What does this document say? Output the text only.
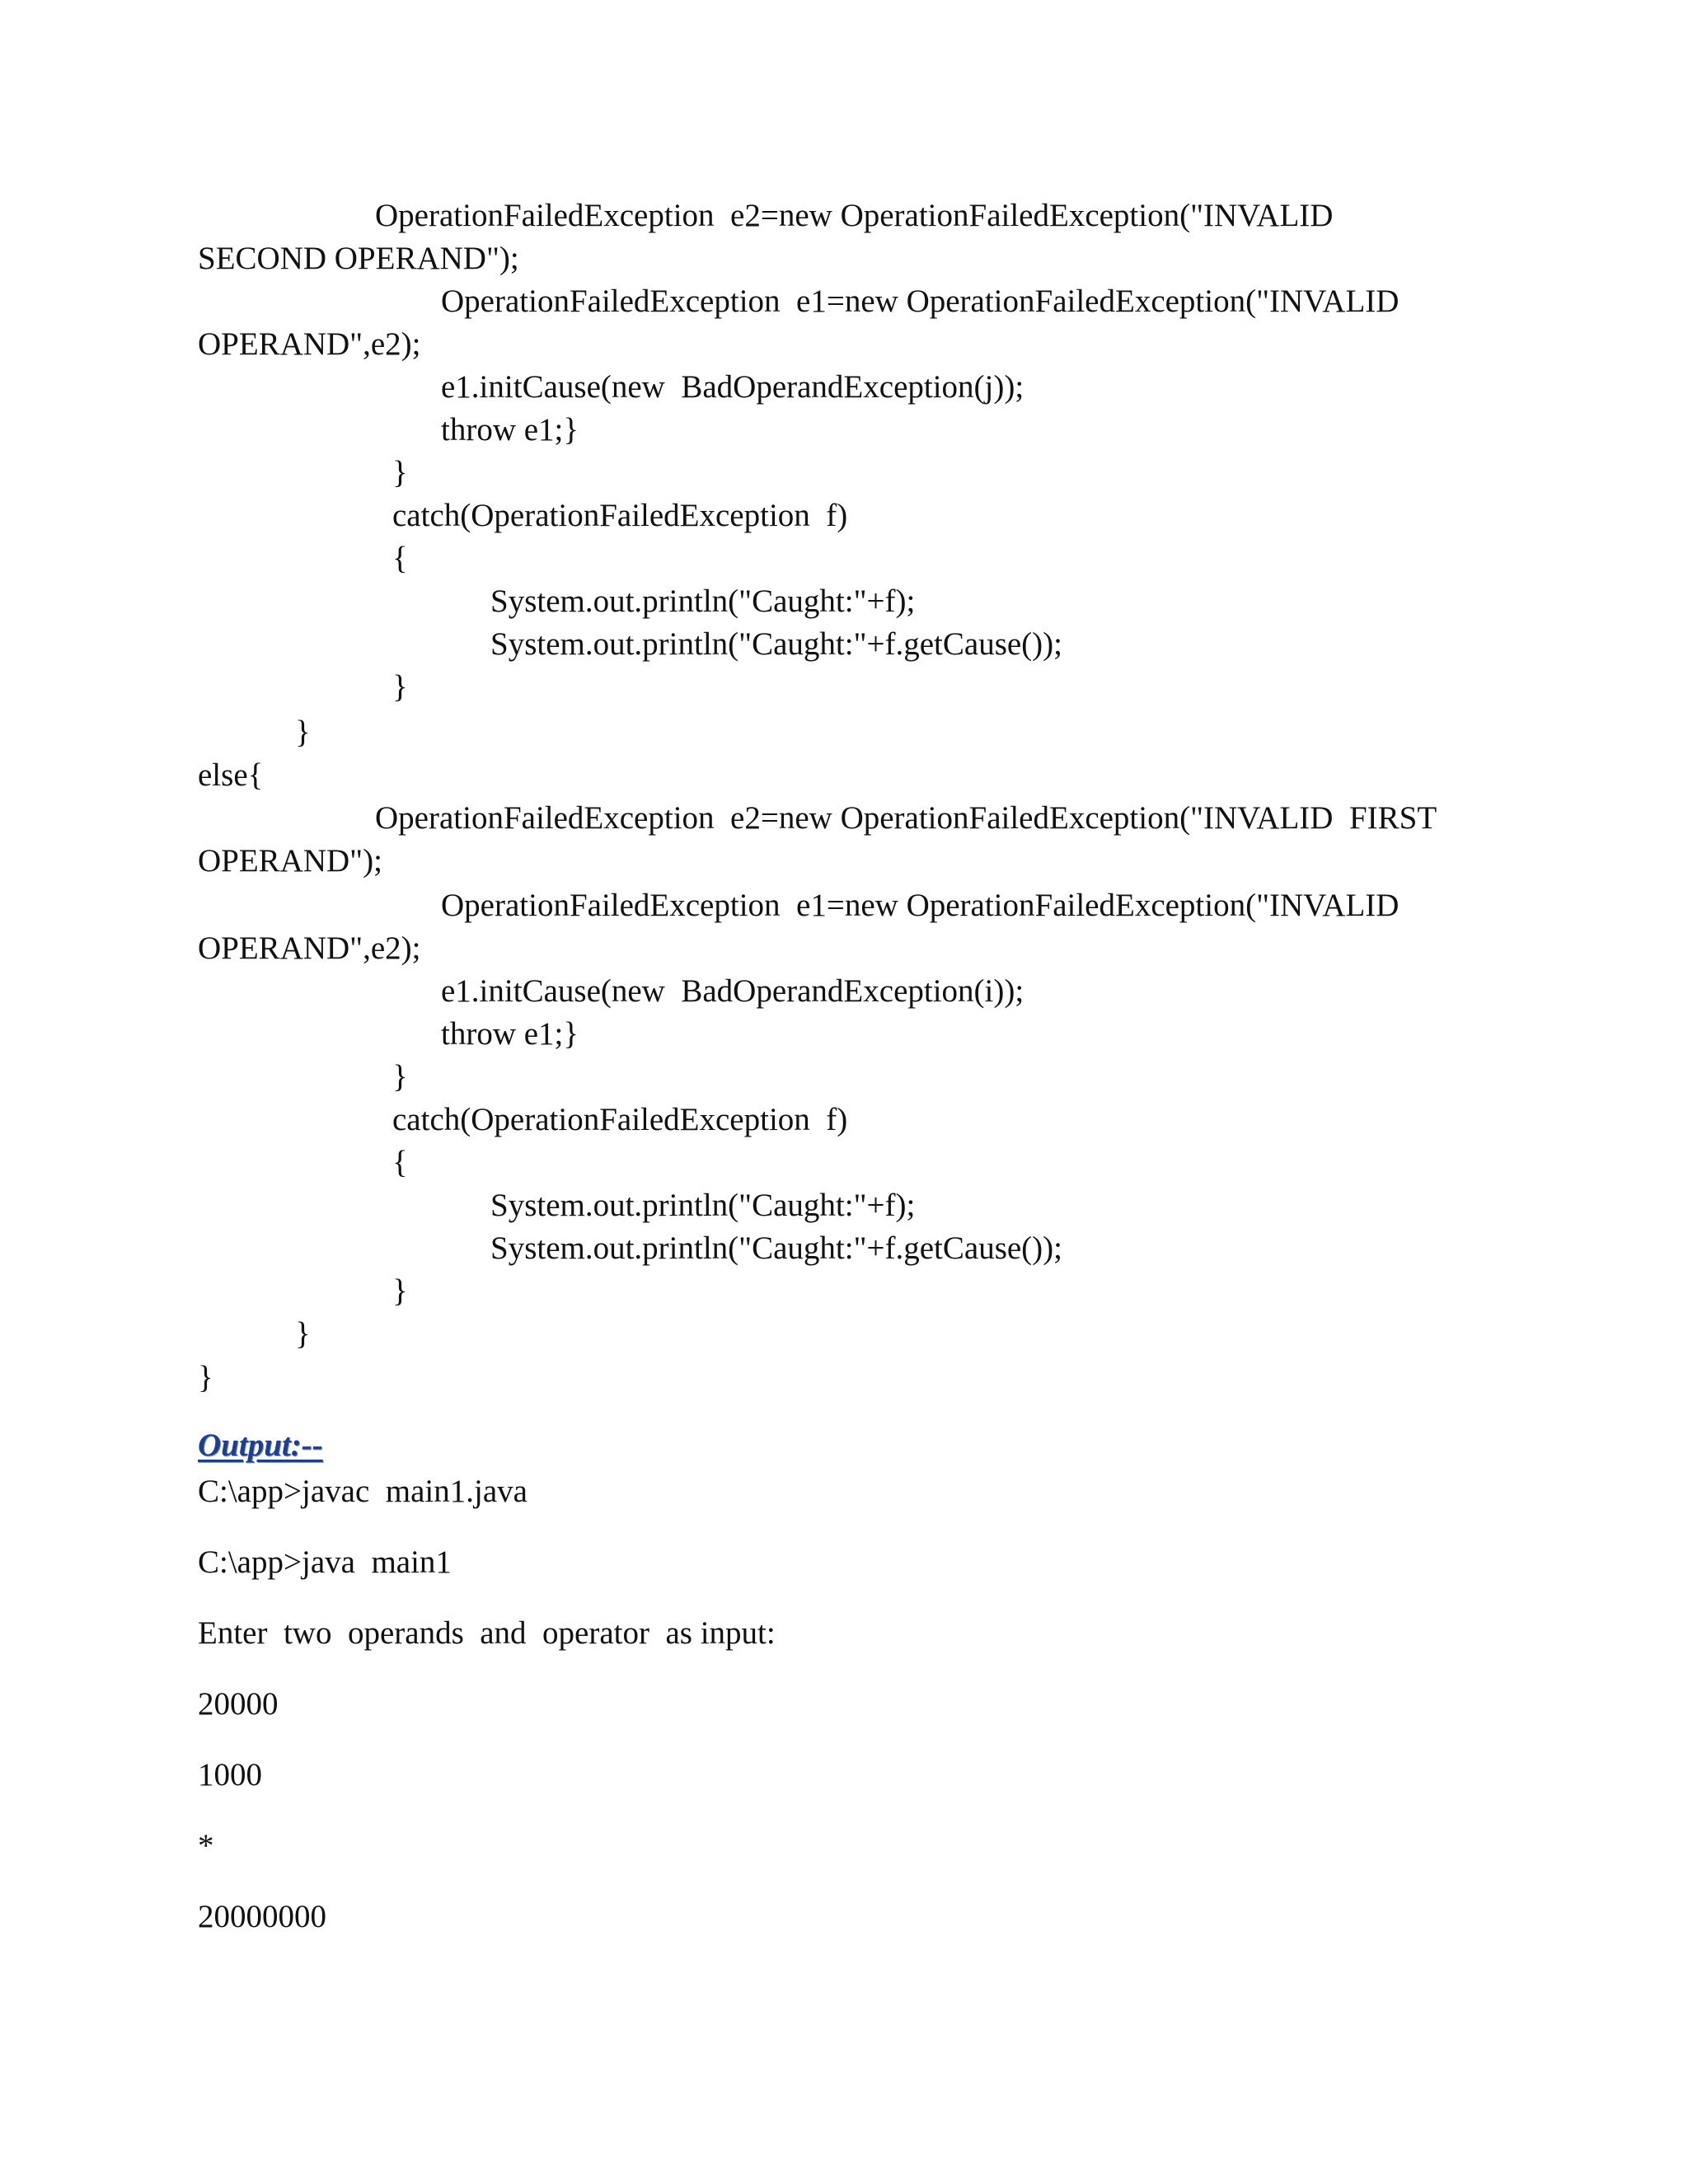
OperationFailedException  e2=new OperationFailedException("INVALID
SECOND OPERAND");
OperationFailedException  e1=new OperationFailedException("INVALID
OPERAND",e2);
e1.initCause(new  BadOperandException(j));
throw e1;}
}
catch(OperationFailedException  f)
{
System.out.println("Caught:"+f);
System.out.println("Caught:"+f.getCause());
}
}
else{
OperationFailedException  e2=new OperationFailedException("INVALID  FIRST
OPERAND");
OperationFailedException  e1=new OperationFailedException("INVALID
OPERAND",e2);
e1.initCause(new  BadOperandException(i));
throw e1;}
}
catch(OperationFailedException  f)
{
System.out.println("Caught:"+f);
System.out.println("Caught:"+f.getCause());
}
}
}
Output:--
C:\app>javac  main1.java
C:\app>java  main1
Enter  two  operands  and  operator  as input:
20000
1000
*
20000000
